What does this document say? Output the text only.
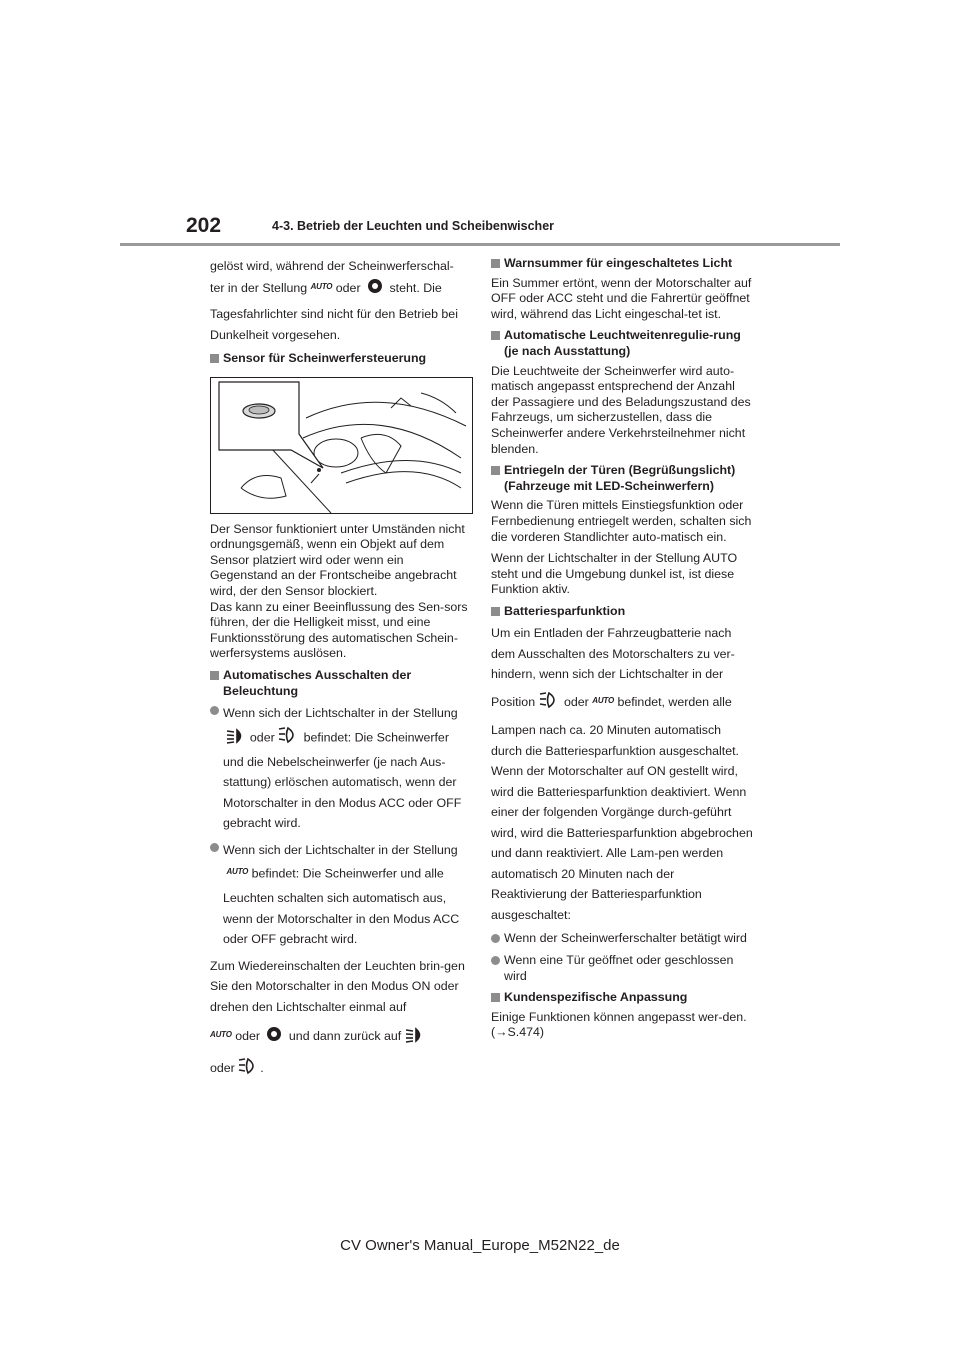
202	4-3. Betrieb der Leuchten und Scheibenwischer

gelöst wird, während der Scheinwerferschal-
ter in der Stellung AUTO oder steht. Die

Tagesfahrlichter sind nicht für den Betrieb bei Dunkelheit vorgesehen.

Sensor für Scheinwerfersteuerung

Der Sensor funktioniert unter Umständen nicht ordnungsgemäß, wenn ein Objekt auf dem Sensor platziert wird oder wenn ein Gegenstand an der Frontscheibe angebracht wird, der den Sensor blockiert.

Das kann zu einer Beeinflussung des Sen-sors führen, der die Helligkeit misst, und eine Funktionsstörung des automatischen Schein-werfersystems auslösen.

Automatisches Ausschalten der Beleuchtung
Wenn sich der Lichtschalter in der Stellung
oder befindet: Die Scheinwerfer
und die Nebelscheinwerfer (je nach Aus-stattung) erlöschen automatisch, wenn der Motorschalter in den Modus ACC oder OFF gebracht wird.
Wenn sich der Lichtschalter in der Stellung
AUTO befindet: Die Scheinwerfer und alle
Leuchten schalten sich automatisch aus, wenn der Motorschalter in den Modus ACC oder OFF gebracht wird.

Zum Wiedereinschalten der Leuchten brin-gen Sie den Motorschalter in den Modus ON oder drehen den Lichtschalter einmal auf

AUTO oder und dann zurück auf

oder .

Warnsummer für eingeschaltetes Licht

Ein Summer ertönt, wenn der Motorschalter auf OFF oder ACC steht und die Fahrertür geöffnet wird, während das Licht eingeschal-tet ist.

Automatische Leuchtweitenregulie-rung (je nach Ausstattung)

Die Leuchtweite der Scheinwerfer wird auto-matisch angepasst entsprechend der Anzahl der Passagiere und des Beladungszustand des Fahrzeugs, um sicherzustellen, dass die Scheinwerfer andere Verkehrsteilnehmer nicht blenden.

Entriegeln der Türen (Begrüßungslicht) (Fahrzeuge mit LED-Scheinwerfern)

Wenn die Türen mittels Einstiegsfunktion oder Fernbedienung entriegelt werden, schalten sich die vorderen Standlichter auto-matisch ein.

Wenn der Lichtschalter in der Stellung AUTO steht und die Umgebung dunkel ist, ist diese Funktion aktiv.

Batteriesparfunktion

Um ein Entladen der Fahrzeugbatterie nach dem Ausschalten des Motorschalters zu ver-hindern, wenn sich der Lichtschalter in der

Position oder AUTO befindet, werden alle

Lampen nach ca. 20 Minuten automatisch durch die Batteriesparfunktion ausgeschaltet. Wenn der Motorschalter auf ON gestellt wird, wird die Batteriesparfunktion deaktiviert. Wenn einer der folgenden Vorgänge durch-geführt wird, wird die Batteriesparfunktion abgebrochen und dann reaktiviert. Alle Lam-pen werden automatisch 20 Minuten nach der Reaktivierung der Batteriesparfunktion ausgeschaltet:

Wenn der Scheinwerferschalter betätigt wird
Wenn eine Tür geöffnet oder geschlossen wird
Kundenspezifische Anpassung

Einige Funktionen können angepasst wer-den. (→S.474)

CV Owner's Manual_Europe_M52N22_de
